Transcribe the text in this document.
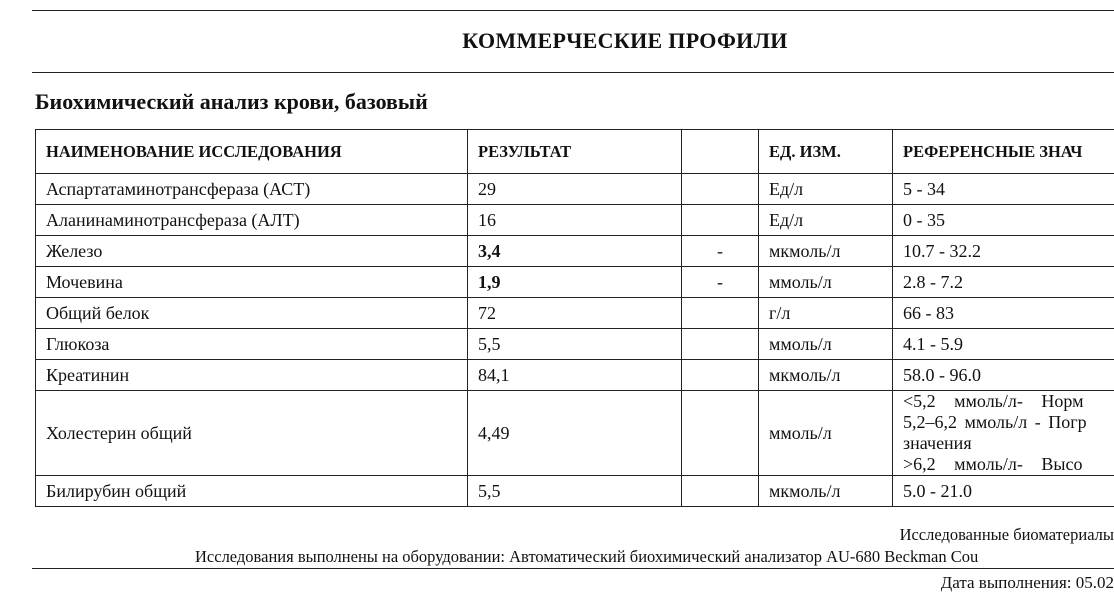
КОММЕРЧЕСКИЕ ПРОФИЛИ
Биохимический анализ крови, базовый
НАИМЕНОВАНИЕ ИССЛЕДОВАНИЯ	РЕЗУЛЬТАТ		ЕД. ИЗМ.	РЕФЕРЕНСНЫЕ ЗНАЧ
Аспартатаминотрансфераза (АСТ)	29		Ед/л	5 - 34
Аланинаминотрансфераза (АЛТ)	16		Ед/л	0 - 35
Железо	3,4	-	мкмоль/л	10.7 - 32.2
Мочевина	1,9	-	ммоль/л	2.8 - 7.2
Общий белок	72		г/л	66 - 83
Глюкоза	5,5		ммоль/л	4.1 - 5.9
Креатинин	84,1		мкмоль/л	58.0 - 96.0
Холестерин общий	4,49		ммоль/л	<5,2 ммоль/л- Норм
5,2–6,2 ммоль/л - Погр
значения
>6,2 ммоль/л- Высо

Билирубин общий	5,5		мкмоль/л	5.0 - 21.0
Исследованные биоматериалы
Исследования выполнены на оборудовании: Автоматический биохимический анализатор AU-680 Beckman Cou
Дата выполнения: 05.02
